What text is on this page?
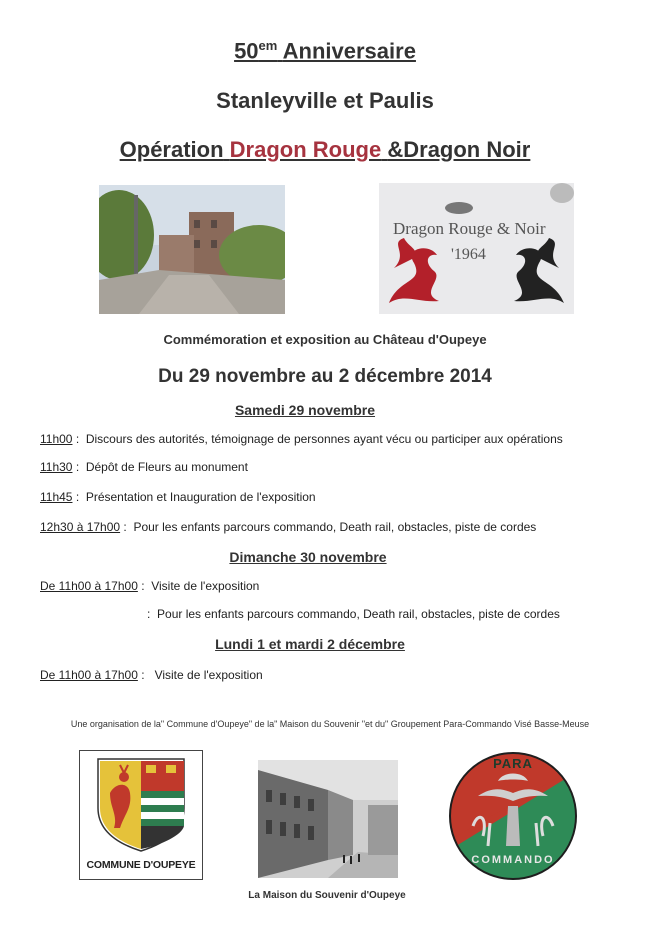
$50^{em}$ Anniversaire
Stanleyville et Paulis
Opération Dragon Rouge &Dragon Noir
Dragon Rouge & Noir
'1964
Commémoration et exposition au Château d'Oupeye
Du 29 novembre au 2 décembre 2014
Samedi 29 novembre
11h00 : Discours des autorités, témoignage de personnes ayant vécu ou participer aux opérations
11h30 : Dépôt de Fleurs au monument
11h45 : Présentation et Inauguration de l'exposition
12h30 à 17h00 : Pour les enfants parcours commando, Death rail, obstacles, piste de cordes
Dimanche 30 novembre
De 11h00 à 17h00 : Visite de l'exposition
: Pour les enfants parcours commando, Death rail, obstacles, piste de cordes
Lundi 1 et mardi 2 décembre
De 11h00 à 17h00 : Visite de l'exposition
Une organisation de la" Commune d'Oupeye" de la" Maison du Souvenir "et du" Groupement Para-Commando Visé Basse-Meuse
COMMUNE D'OUPEYE
PARA
COMMANDO
La Maison du Souvenir d'Oupeye
